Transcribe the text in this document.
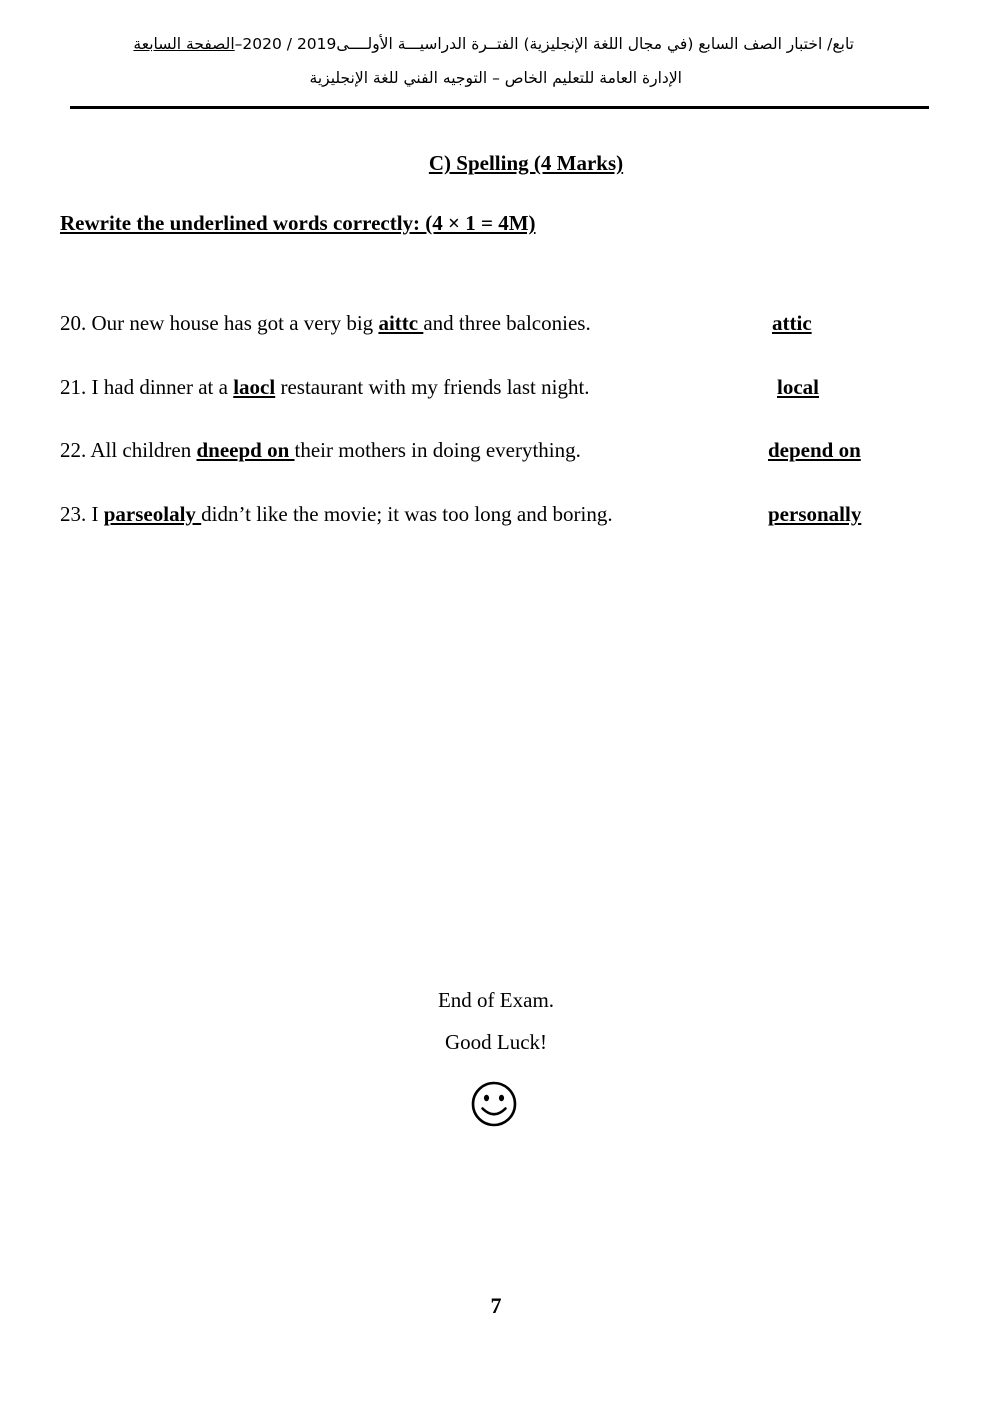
تابع/ اختبار الصف السابع (في مجال اللغة الإنجليزية) الفتــرة الدراسيـــة الأولــــى2019 / 2020–الصفحة السابعة
الإدارة العامة للتعليم الخاص – التوجيه الفني للغة الإنجليزية
C) Spelling (4 Marks)
Rewrite the underlined words correctly: (4 × 1 = 4M)
20. Our new house has got a very big aittc and three balconies.	attic
21. I had dinner at a laocl restaurant with my friends last night.	local
22. All children dneepd on their mothers in doing everything.	depend on
23. I parseolaly didn’t like the movie; it was too long and boring.	personally
End of Exam.
Good Luck!
7
